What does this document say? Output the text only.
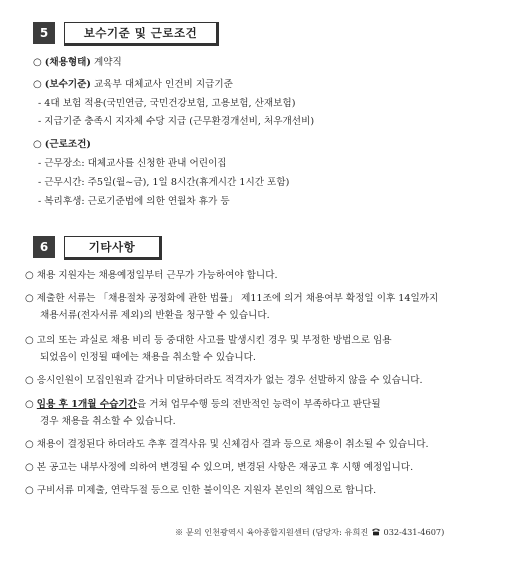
5	보수기준 및 근로조건
○ (채용형태) 계약직
○ (보수기준) 교육부 대체교사 인건비 지급기준
- 4대 보험 적용(국민연금, 국민건강보험, 고용보험, 산재보험)
- 지급기준 충족시 지자체 수당 지급 (근무환경개선비, 처우개선비)
○ (근로조건)
- 근무장소: 대체교사를 신청한 관내 어린이집
- 근무시간: 주5일(월~금), 1일 8시간(휴게시간 1시간 포함)
- 복리후생: 근로기준법에 의한 연월차 휴가 등
6	기타사항
○ 채용 지원자는 채용예정일부터 근무가 가능하여야 합니다.
○ 제출한 서류는 「채용절차 공정화에 관한 법률」 제11조에 의거 채용여부 확정일 이후 14일까지
채용서류(전자서류 제외)의 반환을 청구할 수 있습니다.
○ 고의 또는 과실로 채용 비리 등 중대한 사고를 발생시킨 경우 및 부정한 방법으로 임용
되었음이 인정될 때에는 채용을 취소할 수 있습니다.
○ 응시인원이 모집인원과 같거나 미달하더라도 적격자가 없는 경우 선발하지 않을 수 있습니다.
○ 임용 후 1개월 수습기간을 거쳐 업무수행 등의 전반적인 능력이 부족하다고 판단될
경우 채용을 취소할 수 있습니다.
○ 채용이 결정된다 하더라도 추후 결격사유 및 신체검사 결과 등으로 채용이 취소될 수 있습니다.
○ 본 공고는 내부사정에 의하여 변경될 수 있으며, 변경된 사항은 재공고 후 시행 예정입니다.
○ 구비서류 미제출, 연락두절 등으로 인한 불이익은 지원자 본인의 책임으로 합니다.
※ 문의 인천광역시 육아종합지원센터 (담당자: 유희진 032-431-4607)
